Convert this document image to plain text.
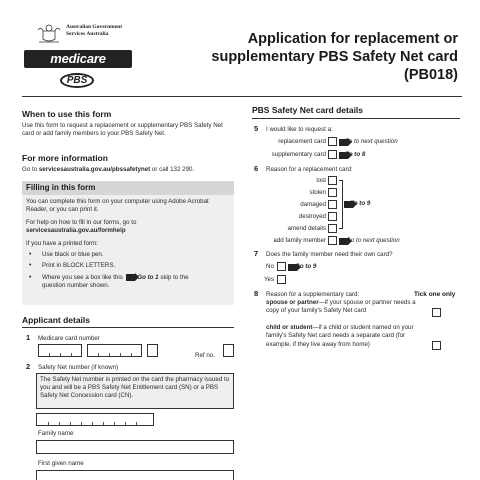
Australian Government
Services Australia
medicare
PBS
Application for replacement or
supplementary PBS Safety Net card (PB018)
When to use this form
Use this form to request a replacement or supplementary PBS Safety Net card or add family members to your PBS Safety Net.
For more information
Go to servicesaustralia.gov.au/pbssafetynet or call 132 290.
Filling in this form
You can complete this form on your computer using Adobe Acrobat Reader, or you can print it.
For help on how to fill in our forms, go to
servicesaustralia.gov.au/formhelp
If you have a printed form:
• Use black or blue pen.
• Print in BLOCK LETTERS.
• Where you see a box like this Go to 1 skip to the
question number shown.
Applicant details
1 Medicare card number
Ref no.
2 Safety Net number (if known)
The Safety Net number is printed on the card the pharmacy issued to you and will be a PBS Safety Net Entitlement card (SN) or a PBS Safety Net Concession card (CN).
Family name
First given name
PBS Safety Net card details
5 I would like to request a:
replacement card	Go to next question
supplementary card	Go to 8
6 Reason for a replacement card:
lost
stolen
damaged
destroyed
amend details
Go to 9
add family member	Go to next question
7 Does the family member need their own card?
No	Go to 9
Yes
8 Reason for a supplementary card:	Tick one only
spouse or partner—if your spouse or partner needs a copy of your family's Safety Net card
child or student—if a child or student named on your family's Safety Net card needs a separate card (for example, if they live away from home)
